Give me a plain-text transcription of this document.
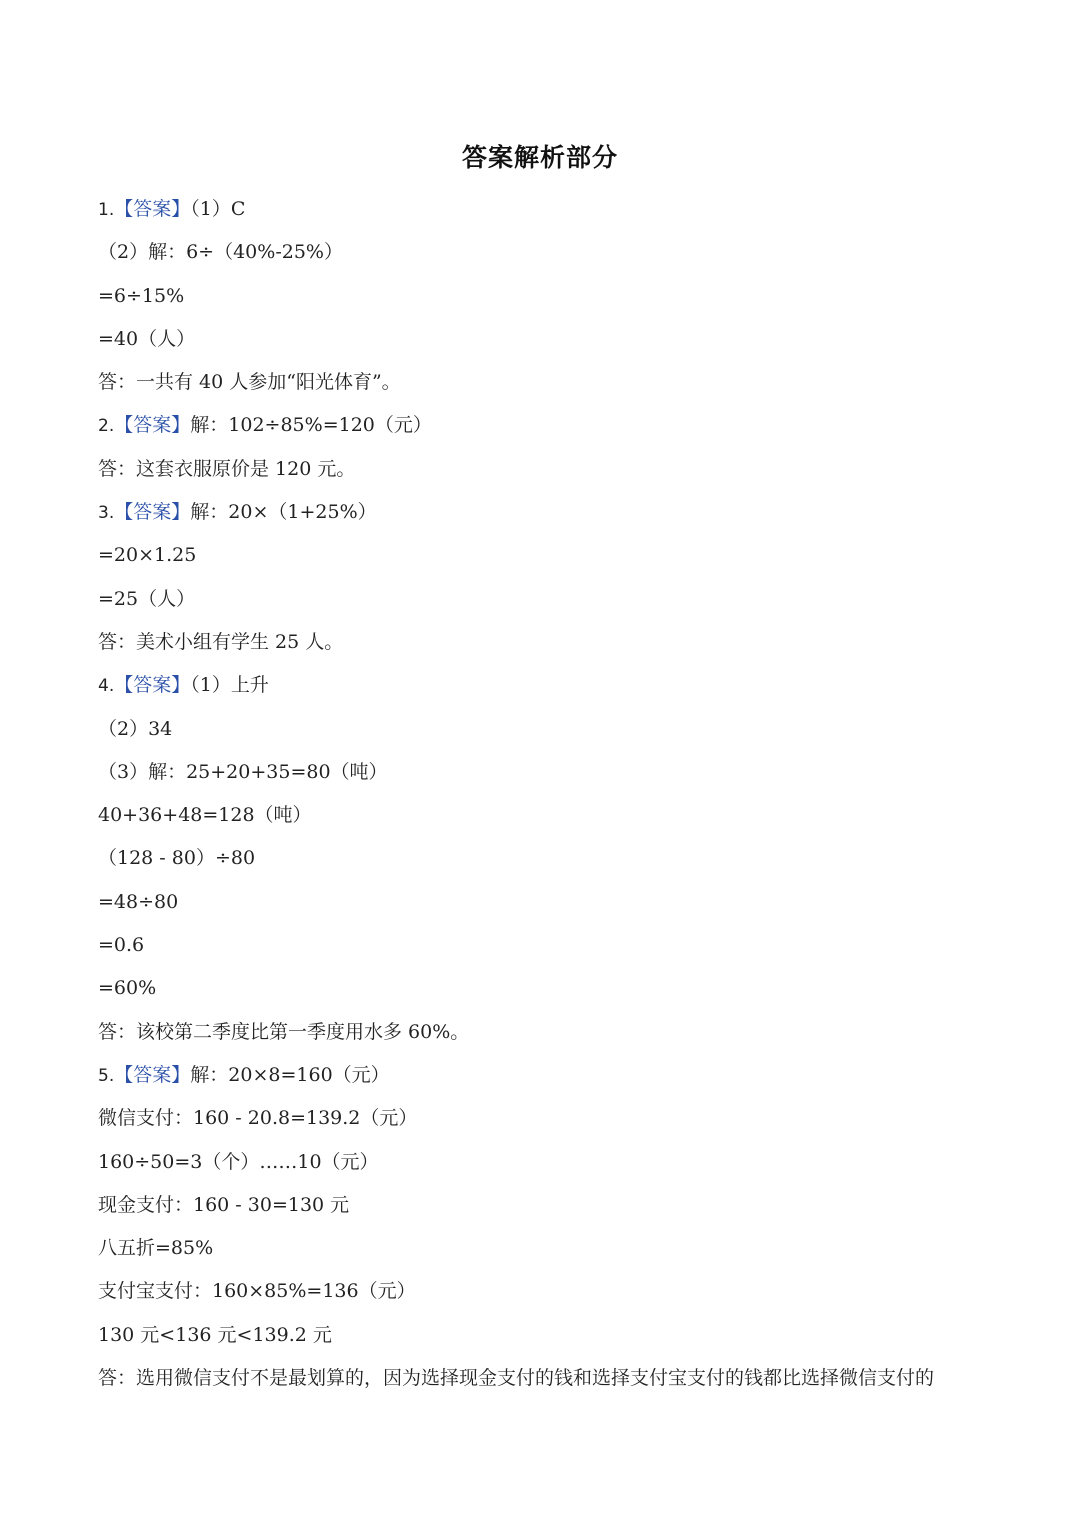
答案解析部分
1.【答案】（1）C
（2）解：6÷（40%-25%）
=6÷15%
=40（人）
答：一共有 40 人参加“阳光体育”。
2.【答案】解：102÷85%=120（元）
答：这套衣服原价是 120 元。
3.【答案】解：20×（1+25%）
=20×1.25
=25（人）
答：美术小组有学生 25 人。
4.【答案】（1）上升
（2）34
（3）解：25+20+35=80（吨）
40+36+48=128（吨）
（128 - 80）÷80
=48÷80
=0.6
=60%
答：该校第二季度比第一季度用水多 60%。
5.【答案】解：20×8=160（元）
微信支付：160 - 20.8=139.2（元）
160÷50=3（个）……10（元）
现金支付：160 - 30=130 元
八五折=85%
支付宝支付：160×85%=136（元）
130 元<136 元<139.2 元
答：选用微信支付不是最划算的，因为选择现金支付的钱和选择支付宝支付的钱都比选择微信支付的
